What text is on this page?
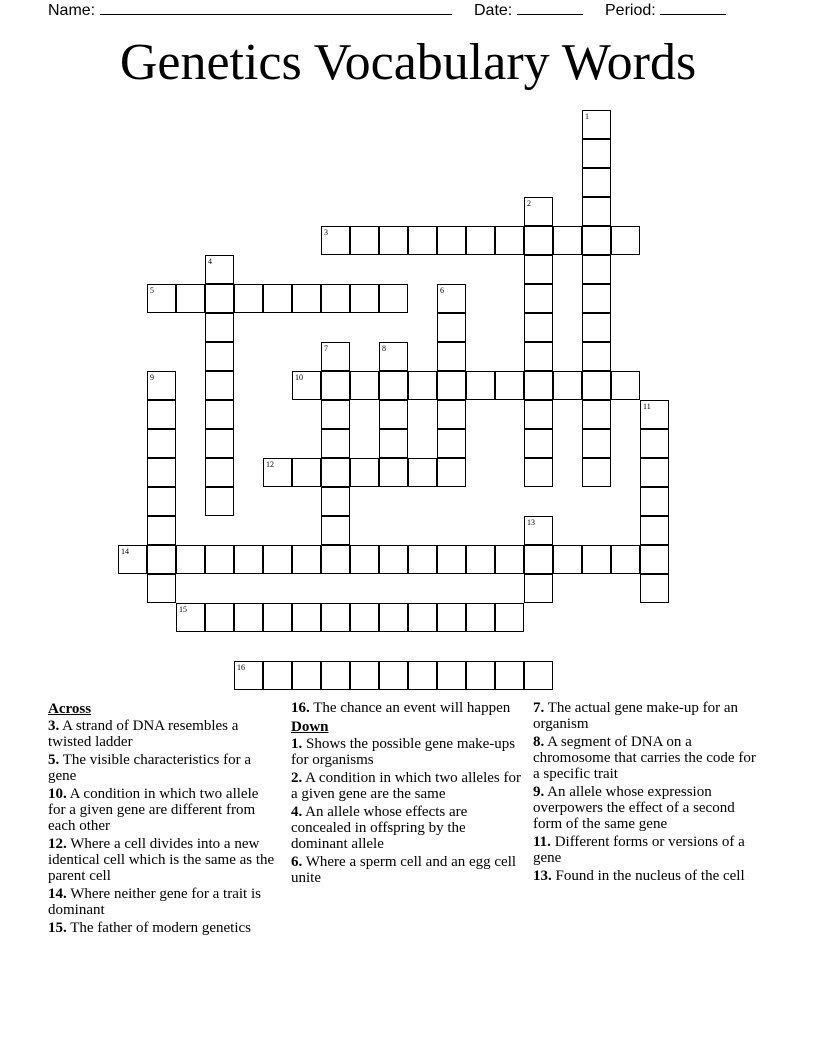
Name:	Date:	Period:
Genetics Vocabulary Words
1
2
3
4
5	6
7	8
9	10
11
12
13
14
15
16
Across
3. A strand of DNA resembles a twisted ladder
5. The visible characteristics for a gene
10. A condition in which two allele for a given gene are different from each other
12. Where a cell divides into a new identical cell which is the same as the parent cell
14. Where neither gene for a trait is dominant
15. The father of modern genetics
16. The chance an event will happen
Down
1. Shows the possible gene make-ups for organisms
2. A condition in which two alleles for a given gene are the same
4. An allele whose effects are concealed in offspring by the dominant allele
6. Where a sperm cell and an egg cell unite
7. The actual gene make-up for an organism
8. A segment of DNA on a chromosome that carries the code for a specific trait
9. An allele whose expression overpowers the effect of a second form of the same gene
11. Different forms or versions of a gene
13. Found in the nucleus of the cell
